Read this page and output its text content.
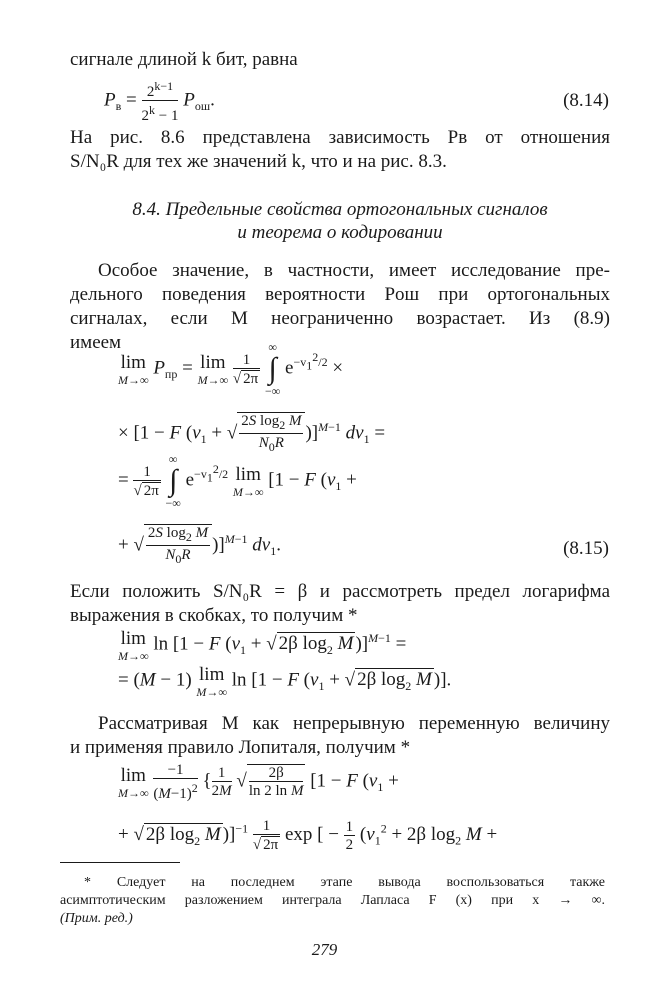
сигнале длиной k бит, равна
$P_в = \frac{2^{k-1}}{2^k - 1} P_{ош}$.	(8.14)
На рис. 8.6 представлена зависимость Pв от отношения
S/N₀R для тех же значений k, что и на рис. 8.3.
8.4. Предельные свойства ортогональных сигналов
и теорема о кодировании
Особое значение, в частности, имеет исследование пре-
дельного поведения вероятности Pош при ортогональных
сигналах, если M неограниченно возрастает. Из (8.9)
имеем
lim
M→∞
$P_{пр} = \lim$
M→∞
$\frac{1}{√ 2\pi}$

∞
∫
−∞
$e^{-v_1^2/2}$ ×
× [1 − F ($v_1$ + √ $\frac{2S \log_2 M}{N_0R} )]^{M-1}$ $dv_1$ =
= $\frac{1}{√ 2\pi}$

∞
∫
−∞
$e^{-v_1^2/2}$ lim
M→∞
[1 − F ($v_1$ +
+ √ $\frac{2S \log_2 M}{N_0R} )]^{M-1}$ $dv_1$.	(8.15)
Если положить S/N₀R = β и рассмотреть предел логарифма
выражения в скобках, то получим *
lim
M→∞
ln [1 − F ($v_1$ + √ 2β $\log_2 M$ )]$^{M-1}$ =
= (M − 1) lim
M→∞
ln [1 − F ($v_1$ + √ 2β $\log_2 M$ )].
Рассматривая M как непрерывную переменную величину
и применяя правило Лопиталя, получим *
lim
M→∞
$\frac{-1}{(M-1)^2}$ { $\frac{1}{2M}$ √ $\frac{2\beta}{\text{ln 2 ln M}} [1 - F$ ($v_1$ +
+ √ 2β $\log_2 M$ )]$^{-1} \frac{1}{√ 2\pi}$ exp [ − $\frac{1}{2} (v_1^2 + 2\beta$ $\log_2 M$ +
* Следует на последнем этапе вывода воспользоваться также
асимптотическим разложением интеграла Лапласа F (x) при x → ∞.
(Прим. ред.)
279
